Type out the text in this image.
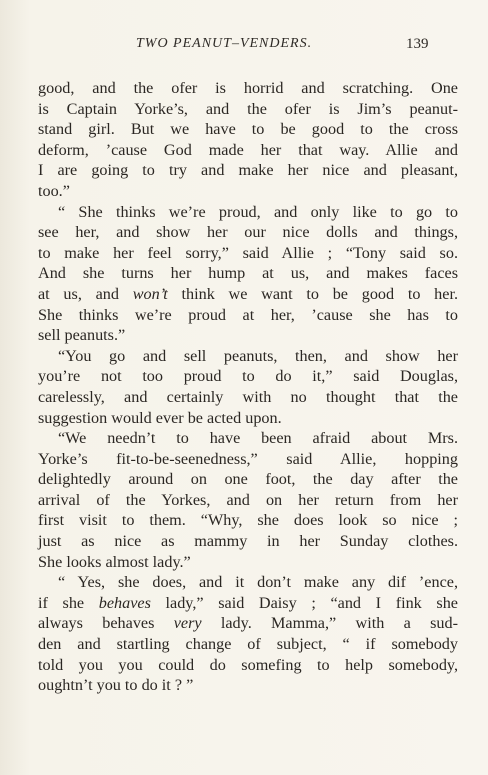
TWO PEANUT–VENDERS.	139
good, and the ofer is horrid and scratching. One
is Captain Yorke’s, and the ofer is Jim’s peanut-
stand girl. But we have to be good to the cross
deform, ’cause God made her that way. Allie and
I are going to try and make her nice and pleasant,
too.”
“ She thinks we’re proud, and only like to go to
see her, and show her our nice dolls and things,
to make her feel sorry,” said Allie ; “Tony said so.
And she turns her hump at us, and makes faces
at us, and won’t think we want to be good to her.
She thinks we’re proud at her, ’cause she has to
sell peanuts.”
“You go and sell peanuts, then, and show her
you’re not too proud to do it,” said Douglas,
carelessly, and certainly with no thought that the
suggestion would ever be acted upon.
“We needn’t to have been afraid about Mrs.
Yorke’s fit-to-be-seenedness,” said Allie, hopping
delightedly around on one foot, the day after the
arrival of the Yorkes, and on her return from her
first visit to them. “Why, she does look so nice ;
just as nice as mammy in her Sunday clothes.
She looks almost lady.”
“ Yes, she does, and it don’t make any dif ’ence,
if she behaves lady,” said Daisy ; “and I fink she
always behaves very lady. Mamma,” with a sud-
den and startling change of subject, “ if somebody
told you you could do somefing to help somebody,
oughtn’t you to do it ? ”
